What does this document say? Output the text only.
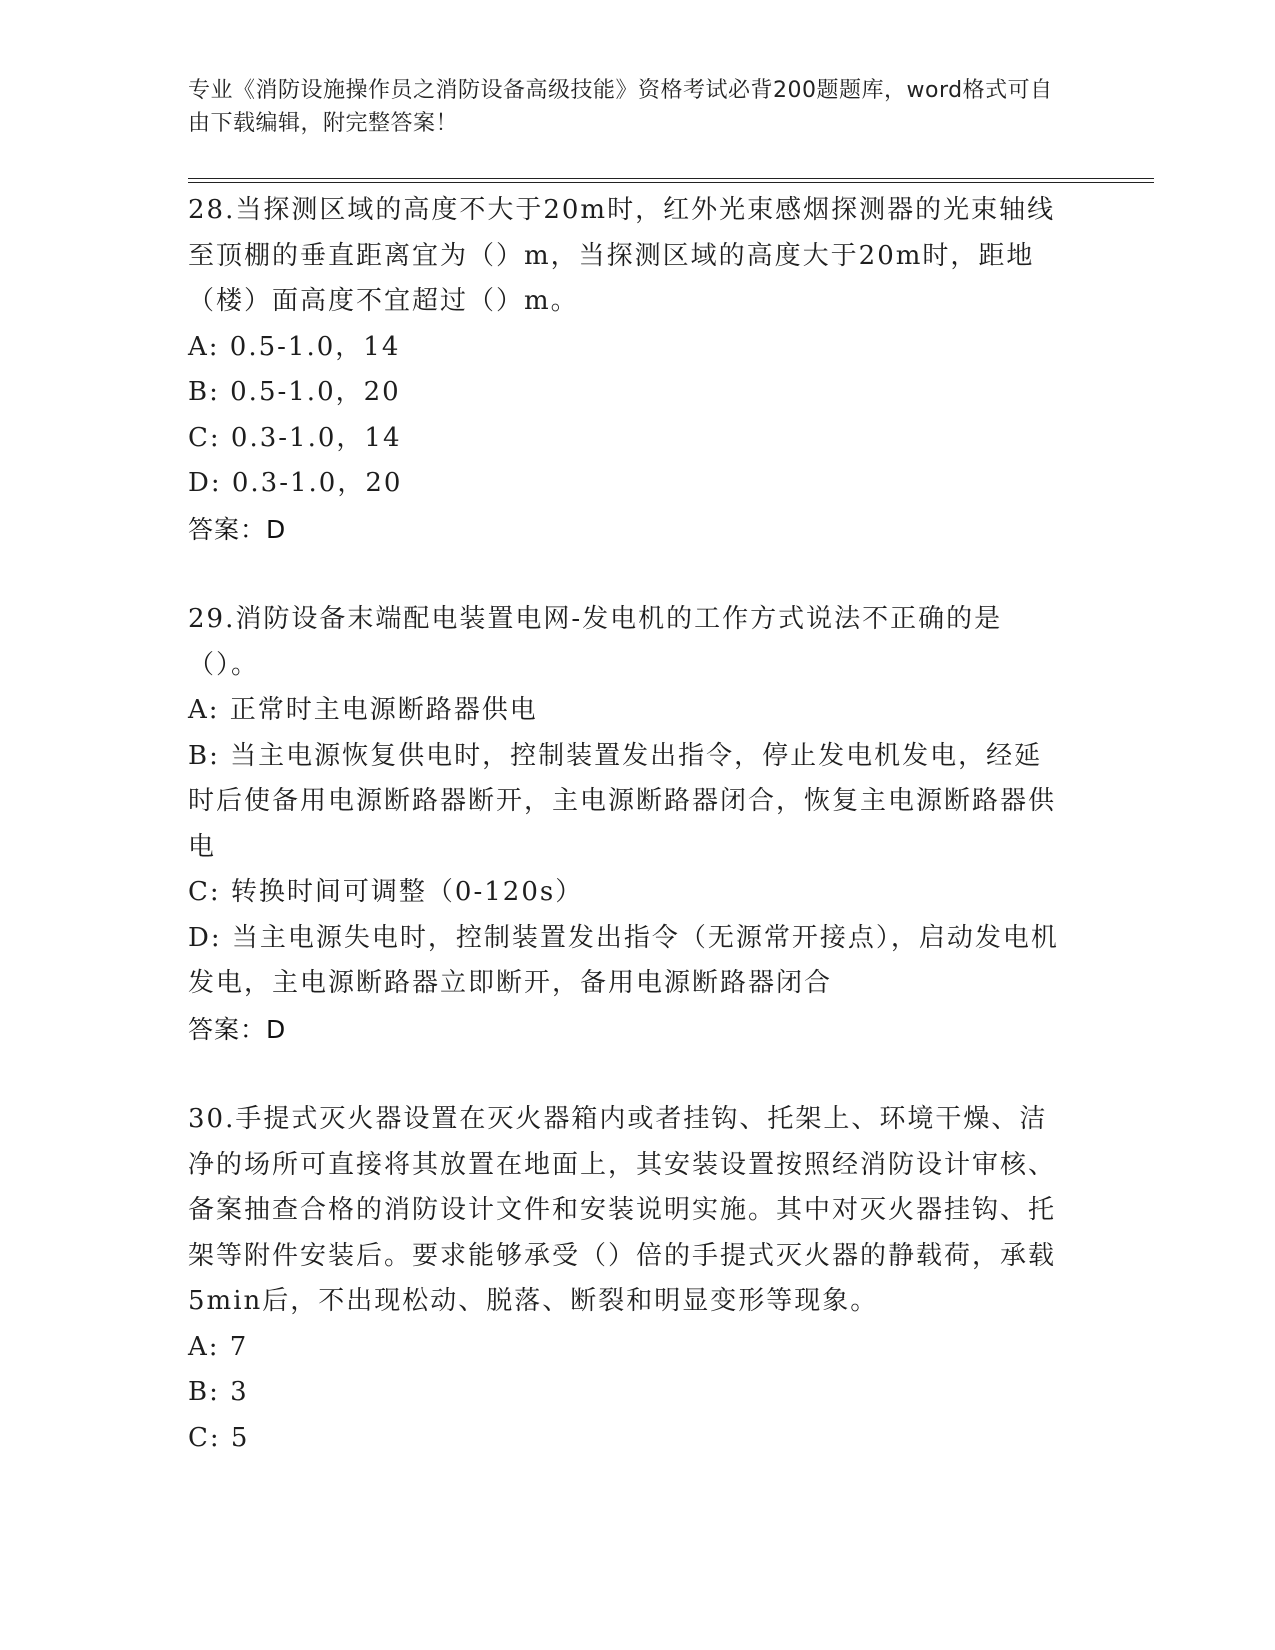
专业《消防设施操作员之消防设备高级技能》资格考试必背200题题库，word格式可自由下载编辑，附完整答案！

28.当探测区域的高度不大于20m时，红外光束感烟探测器的光束轴线至顶棚的垂直距离宜为（）m，当探测区域的高度大于20m时，距地（楼）面高度不宜超过（）m。

A: 0.5-1.0，14

B: 0.5-1.0，20

C: 0.3-1.0，14

D: 0.3-1.0，20

答案：D

29.消防设备末端配电装置电网-发电机的工作方式说法不正确的是（）。

A: 正常时主电源断路器供电

B: 当主电源恢复供电时，控制装置发出指令，停止发电机发电，经延时后使备用电源断路器断开，主电源断路器闭合，恢复主电源断路器供电

C: 转换时间可调整（0-120s）

D: 当主电源失电时，控制装置发出指令（无源常开接点），启动发电机发电，主电源断路器立即断开，备用电源断路器闭合

答案：D

30.手提式灭火器设置在灭火器箱内或者挂钩、托架上、环境干燥、洁净的场所可直接将其放置在地面上，其安装设置按照经消防设计审核、备案抽查合格的消防设计文件和安装说明实施。其中对灭火器挂钩、托架等附件安装后。要求能够承受（）倍的手提式灭火器的静载荷，承载5min后，不出现松动、脱落、断裂和明显变形等现象。

A: 7

B: 3

C: 5
